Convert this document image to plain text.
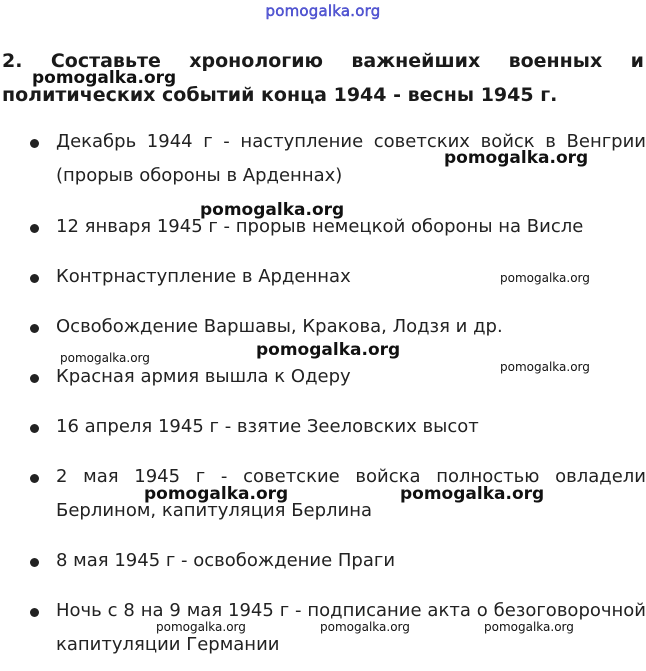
pomogalka.org
2. Составьте хронологию важнейших военных и
политических событий конца 1944 - весны 1945 г.
Декабрь 1944 г - наступление советских войск в Венгрии (прорыв обороны в Арденнах)
12 января 1945 г - прорыв немецкой обороны на Висле
Контрнаступление в Арденнах
Освобождение Варшавы, Кракова, Лодзя и др.
Красная армия вышла к Одеру
16 апреля 1945 г - взятие Зееловских высот
2 мая 1945 г - советские войска полностью овладели Берлином, капитуляция Берлина
8 мая 1945 г - освобождение Праги
Ночь с 8 на 9 мая 1945 г - подписание акта о безоговорочной капитуляции Германии
pomogalka.org
pomogalka.org
pomogalka.org
pomogalka.org
pomogalka.org
pomogalka.org
pomogalka.org
pomogalka.org	pomogalka.org
pomogalka.org	pomogalka.org	pomogalka.org
